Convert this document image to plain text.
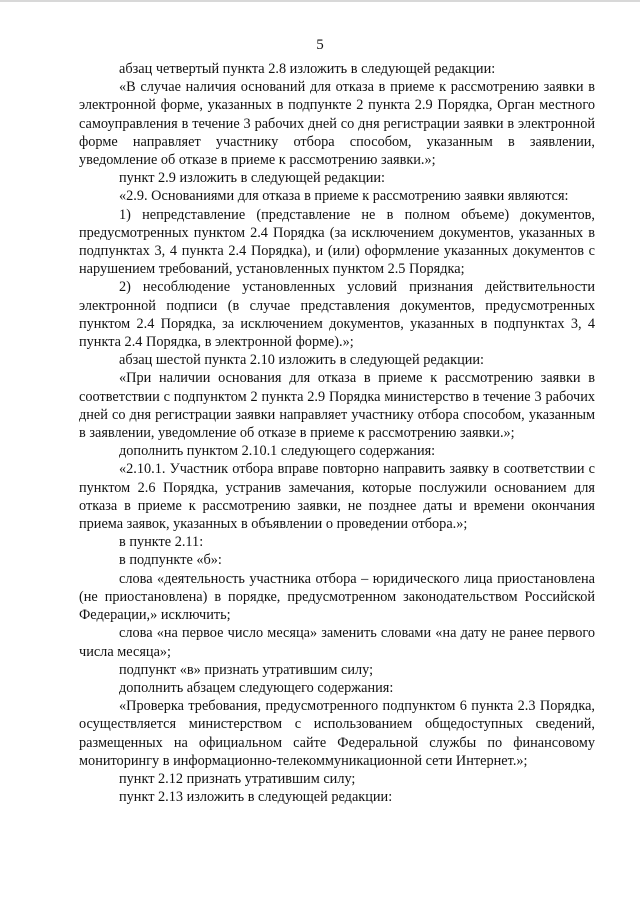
5

абзац четвертый пункта 2.8 изложить в следующей редакции:

«В случае наличия оснований для отказа в приеме к рассмотрению заявки в электронной форме, указанных в подпункте 2 пункта 2.9 Порядка, Орган местного самоуправления в течение 3 рабочих дней со дня регистрации заявки в электронной форме направляет участнику отбора способом, указанным в заявлении, уведомление об отказе в приеме к рассмотрению заявки.»;

пункт 2.9 изложить в следующей редакции:

«2.9. Основаниями для отказа в приеме к рассмотрению заявки являются:

1) непредставление (представление не в полном объеме) документов, предусмотренных пунктом 2.4 Порядка (за исключением документов, указанных в подпунктах 3, 4 пункта 2.4 Порядка), и (или) оформление указанных документов с нарушением требований, установленных пунктом 2.5 Порядка;

2) несоблюдение установленных условий признания действительности электронной подписи (в случае представления документов, предусмотренных пунктом 2.4 Порядка, за исключением документов, указанных в подпунктах 3, 4 пункта 2.4 Порядка, в электронной форме).»;

абзац шестой пункта 2.10 изложить в следующей редакции:

«При наличии основания для отказа в приеме к рассмотрению заявки в соответствии с подпунктом 2 пункта 2.9 Порядка министерство в течение 3 рабочих дней со дня регистрации заявки направляет участнику отбора способом, указанным в заявлении, уведомление об отказе в приеме к рассмотрению заявки.»;

дополнить пунктом 2.10.1 следующего содержания:

«2.10.1. Участник отбора вправе повторно направить заявку в соответствии с пунктом 2.6 Порядка, устранив замечания, которые послужили основанием для отказа в приеме к рассмотрению заявки, не позднее даты и времени окончания приема заявок, указанных в объявлении о проведении отбора.»;

в пункте 2.11:

в подпункте «б»:

слова «деятельность участника отбора – юридического лица приостановлена (не приостановлена) в порядке, предусмотренном законодательством Российской Федерации,» исключить;

слова «на первое число месяца» заменить словами «на дату не ранее первого числа месяца»;

подпункт «в» признать утратившим силу;

дополнить абзацем следующего содержания:

«Проверка требования, предусмотренного подпунктом 6 пункта 2.3 Порядка, осуществляется министерством с использованием общедоступных сведений, размещенных на официальном сайте Федеральной службы по финансовому мониторингу в информационно-телекоммуникационной сети Интернет.»;

пункт 2.12 признать утратившим силу;

пункт 2.13 изложить в следующей редакции:
